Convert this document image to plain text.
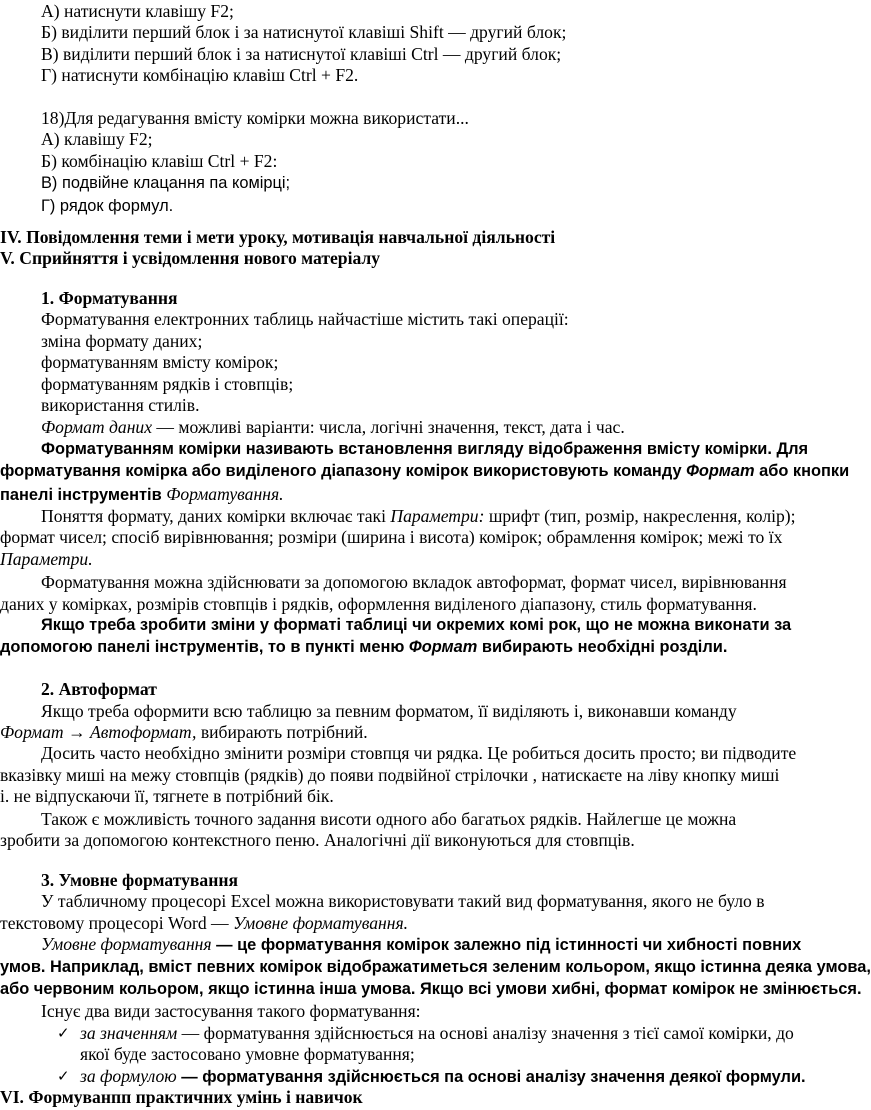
А) натиснути клавішу F2;
Б) виділити перший блок і за натиснутої клавіші Shift — другий блок;
В) виділити перший блок і за натиснутої клавіші Ctrl — другий блок;
Г) натиснути комбінацію клавіш Ctrl + F2.
18)Для редагування вмісту комірки можна використати...
А) клавішу F2;
Б) комбінацію клавіш Ctrl + F2:
В) подвійне клацання па комірці;
Г) рядок формул.
IV. Повідомлення теми і мети уроку, мотивація навчальної діяльності
V. Сприйняття і усвідомлення нового матеріалу
1. Форматування
Форматування електронних таблиць найчастіше містить такі операції:
зміна формату даних;
форматуванням вмісту комірок;
форматуванням рядків і стовпців;
використання стилів.
Формат даних — можливі варіанти: числа, логічні значення, текст, дата і час.
Форматуванням комірки називають встановлення вигляду відображення вмісту комірки. Для
форматування комірка або виділеного діапазону комірок використовують команду Формат або кнопки
панелі інструментів Форматування.
Поняття формату, даних комірки включає такі Параметри: шрифт (тип, розмір, накреслення, колір);
формат чисел; спосіб вирівнювання; розміри (ширина і висота) комірок; обрамлення комірок; межі то їх
Параметри.
Форматування можна здійснювати за допомогою вкладок автоформат, формат чисел, вирівнювання
даних у комірках, розмірів стовпців і рядків, оформлення виділеного діапазону, стиль форматування.
Якщо треба зробити зміни у форматі таблиці чи окремих комі рок, що не можна виконати за
допомогою панелі інструментів, то в пункті меню Формат вибирають необхідні розділи.
2. Автоформат
Якщо треба оформити всю таблицю за певним форматом, її виділяють і, виконавши команду
Формат → Автоформат, вибирають потрібний.
Досить часто необхідно змінити розміри стовпця чи рядка. Це робиться досить просто; ви підводите
вказівку миші на межу стовпців (рядків) до появи подвійної стрілочки , натискаєте на ліву кнопку миші
і. не відпускаючи її, тягнете в потрібний бік.
Також є можливість точного задання висоти одного або багатьох рядків. Найлегше це можна
зробити за допомогою контекстного пеню. Аналогічні дії виконуються для стовпців.
3. Умовне форматування
У табличному процесорі Excel можна використовувати такий вид форматування, якого не було в
текстовому процесорі Word — Умовне форматування.
Умовне форматування — це форматування комірок залежно під істинності чи хибності повних
умов. Наприклад, вміст певних комірок відображатиметься зеленим кольором, якщо істинна деяка умова,
або червоним кольором, якщо істинна інша умова. Якщо всі умови хибні, формат комірок не змінюється.
Існує два види застосування такого форматування:
✓ за значенням — форматування здійснюється на основі аналізу значення з тієї самої комірки, до
якої буде застосовано умовне форматування;
✓ за формулою — форматування здійснюється па основі аналізу значення деякої формули.
VI. Формуванпп практичних умінь і навичок
